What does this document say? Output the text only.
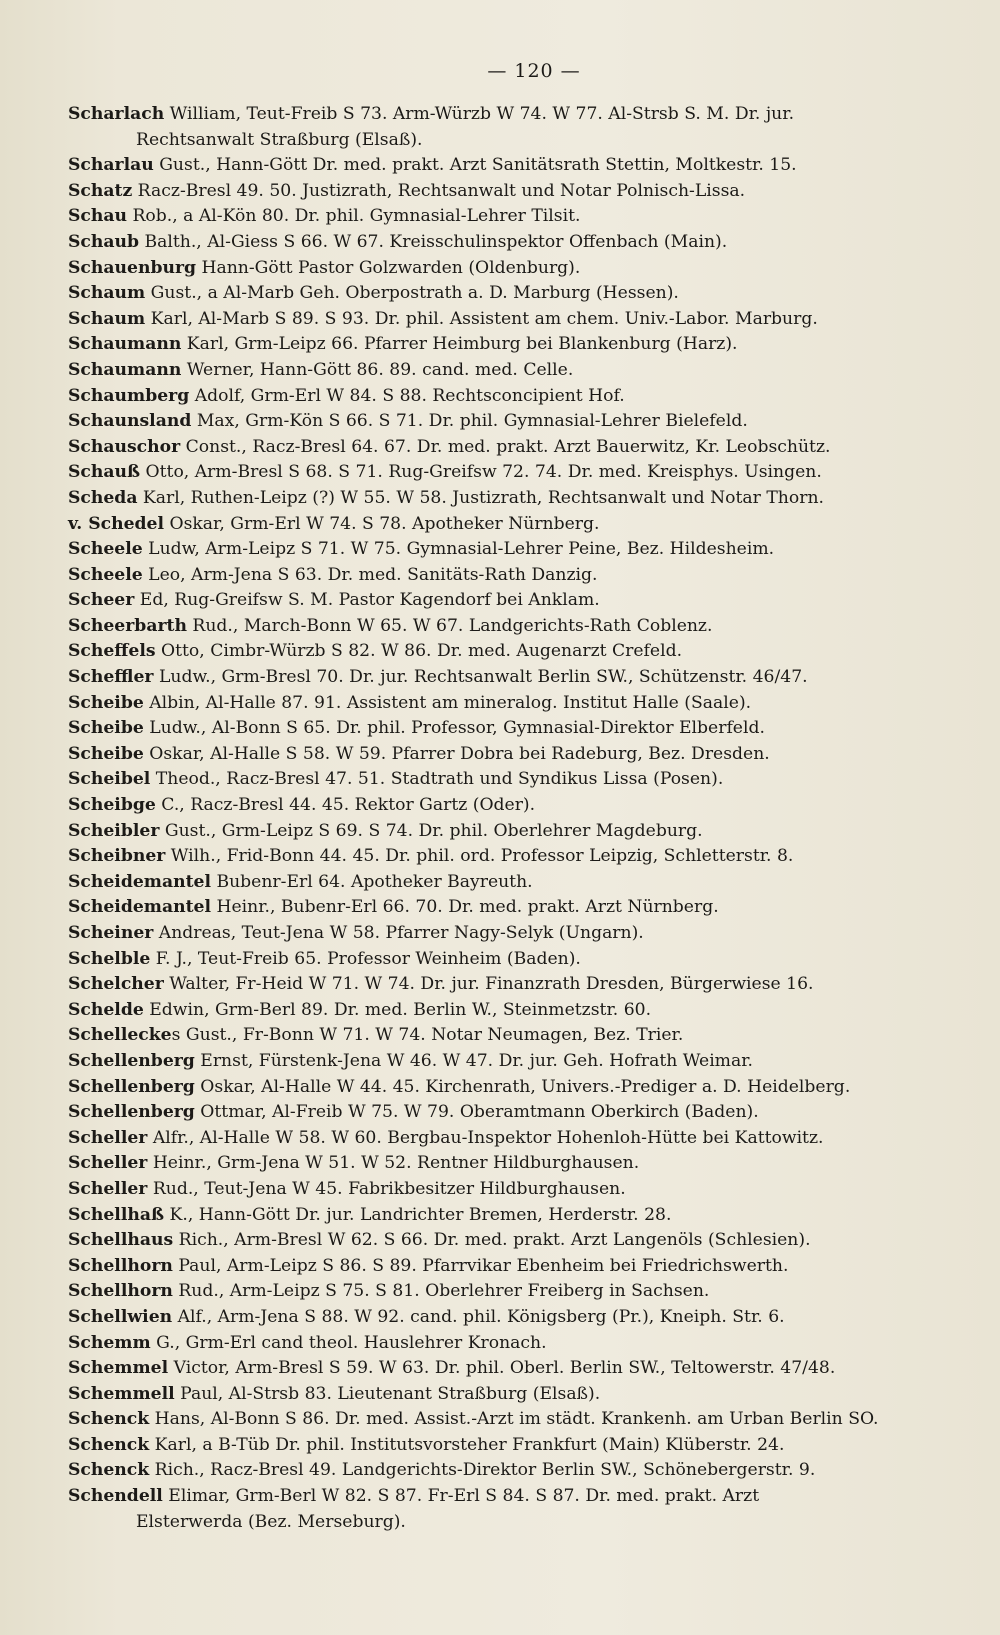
— 120 —
Scharlach William, Teut-Freib S 73. Arm-Würzb W 74. W 77. Al-Strsb S. M. Dr. jur.
Rechtsanwalt Straßburg (Elsaß).
Scharlau Gust., Hann-Gött Dr. med. prakt. Arzt Sanitätsrath Stettin, Moltkestr. 15.
Schatz Racz-Bresl 49. 50. Justizrath, Rechtsanwalt und Notar Polnisch-Lissa.
Schau Rob., a Al-Kön 80. Dr. phil. Gymnasial-Lehrer Tilsit.
Schaub Balth., Al-Giess S 66. W 67. Kreisschulinspektor Offenbach (Main).
Schauenburg Hann-Gött Pastor Golzwarden (Oldenburg).
Schaum Gust., a Al-Marb Geh. Oberpostrath a. D. Marburg (Hessen).
Schaum Karl, Al-Marb S 89. S 93. Dr. phil. Assistent am chem. Univ.-Labor. Marburg.
Schaumann Karl, Grm-Leipz 66. Pfarrer Heimburg bei Blankenburg (Harz).
Schaumann Werner, Hann-Gött 86. 89. cand. med. Celle.
Schaumberg Adolf, Grm-Erl W 84. S 88. Rechtsconcipient Hof.
Schaunsland Max, Grm-Kön S 66. S 71. Dr. phil. Gymnasial-Lehrer Bielefeld.
Schauschor Const., Racz-Bresl 64. 67. Dr. med. prakt. Arzt Bauerwitz, Kr. Leobschütz.
Schauß Otto, Arm-Bresl S 68. S 71. Rug-Greifsw 72. 74. Dr. med. Kreisphys. Usingen.
Scheda Karl, Ruthen-Leipz (?) W 55. W 58. Justizrath, Rechtsanwalt und Notar Thorn.
v. Schedel Oskar, Grm-Erl W 74. S 78. Apotheker Nürnberg.
Scheele Ludw, Arm-Leipz S 71. W 75. Gymnasial-Lehrer Peine, Bez. Hildesheim.
Scheele Leo, Arm-Jena S 63. Dr. med. Sanitäts-Rath Danzig.
Scheer Ed, Rug-Greifsw S. M. Pastor Kagendorf bei Anklam.
Scheerbarth Rud., March-Bonn W 65. W 67. Landgerichts-Rath Coblenz.
Scheffels Otto, Cimbr-Würzb S 82. W 86. Dr. med. Augenarzt Crefeld.
Scheffler Ludw., Grm-Bresl 70. Dr. jur. Rechtsanwalt Berlin SW., Schützenstr. 46/47.
Scheibe Albin, Al-Halle 87. 91. Assistent am mineralog. Institut Halle (Saale).
Scheibe Ludw., Al-Bonn S 65. Dr. phil. Professor, Gymnasial-Direktor Elberfeld.
Scheibe Oskar, Al-Halle S 58. W 59. Pfarrer Dobra bei Radeburg, Bez. Dresden.
Scheibel Theod., Racz-Bresl 47. 51. Stadtrath und Syndikus Lissa (Posen).
Scheibge C., Racz-Bresl 44. 45. Rektor Gartz (Oder).
Scheibler Gust., Grm-Leipz S 69. S 74. Dr. phil. Oberlehrer Magdeburg.
Scheibner Wilh., Frid-Bonn 44. 45. Dr. phil. ord. Professor Leipzig, Schletterstr. 8.
Scheidemantel Bubenr-Erl 64. Apotheker Bayreuth.
Scheidemantel Heinr., Bubenr-Erl 66. 70. Dr. med. prakt. Arzt Nürnberg.
Scheiner Andreas, Teut-Jena W 58. Pfarrer Nagy-Selyk (Ungarn).
Schelble F. J., Teut-Freib 65. Professor Weinheim (Baden).
Schelcher Walter, Fr-Heid W 71. W 74. Dr. jur. Finanzrath Dresden, Bürgerwiese 16.
Schelde Edwin, Grm-Berl 89. Dr. med. Berlin W., Steinmetzstr. 60.
Schelleckes Gust., Fr-Bonn W 71. W 74. Notar Neumagen, Bez. Trier.
Schellenberg Ernst, Fürstenk-Jena W 46. W 47. Dr. jur. Geh. Hofrath Weimar.
Schellenberg Oskar, Al-Halle W 44. 45. Kirchenrath, Univers.-Prediger a. D. Heidelberg.
Schellenberg Ottmar, Al-Freib W 75. W 79. Oberamtmann Oberkirch (Baden).
Scheller Alfr., Al-Halle W 58. W 60. Bergbau-Inspektor Hohenloh-Hütte bei Kattowitz.
Scheller Heinr., Grm-Jena W 51. W 52. Rentner Hildburghausen.
Scheller Rud., Teut-Jena W 45. Fabrikbesitzer Hildburghausen.
Schellhaß K., Hann-Gött Dr. jur. Landrichter Bremen, Herderstr. 28.
Schellhaus Rich., Arm-Bresl W 62. S 66. Dr. med. prakt. Arzt Langenöls (Schlesien).
Schellhorn Paul, Arm-Leipz S 86. S 89. Pfarrvikar Ebenheim bei Friedrichswerth.
Schellhorn Rud., Arm-Leipz S 75. S 81. Oberlehrer Freiberg in Sachsen.
Schellwien Alf., Arm-Jena S 88. W 92. cand. phil. Königsberg (Pr.), Kneiph. Str. 6.
Schemm G., Grm-Erl cand theol. Hauslehrer Kronach.
Schemmel Victor, Arm-Bresl S 59. W 63. Dr. phil. Oberl. Berlin SW., Teltowerstr. 47/48.
Schemmell Paul, Al-Strsb 83. Lieutenant Straßburg (Elsaß).
Schenck Hans, Al-Bonn S 86. Dr. med. Assist.-Arzt im städt. Krankenh. am Urban Berlin SO.
Schenck Karl, a B-Tüb Dr. phil. Institutsvorsteher Frankfurt (Main) Klüberstr. 24.
Schenck Rich., Racz-Bresl 49. Landgerichts-Direktor Berlin SW., Schönebergerstr. 9.
Schendell Elimar, Grm-Berl W 82. S 87. Fr-Erl S 84. S 87. Dr. med. prakt. Arzt
Elsterwerda (Bez. Merseburg).
